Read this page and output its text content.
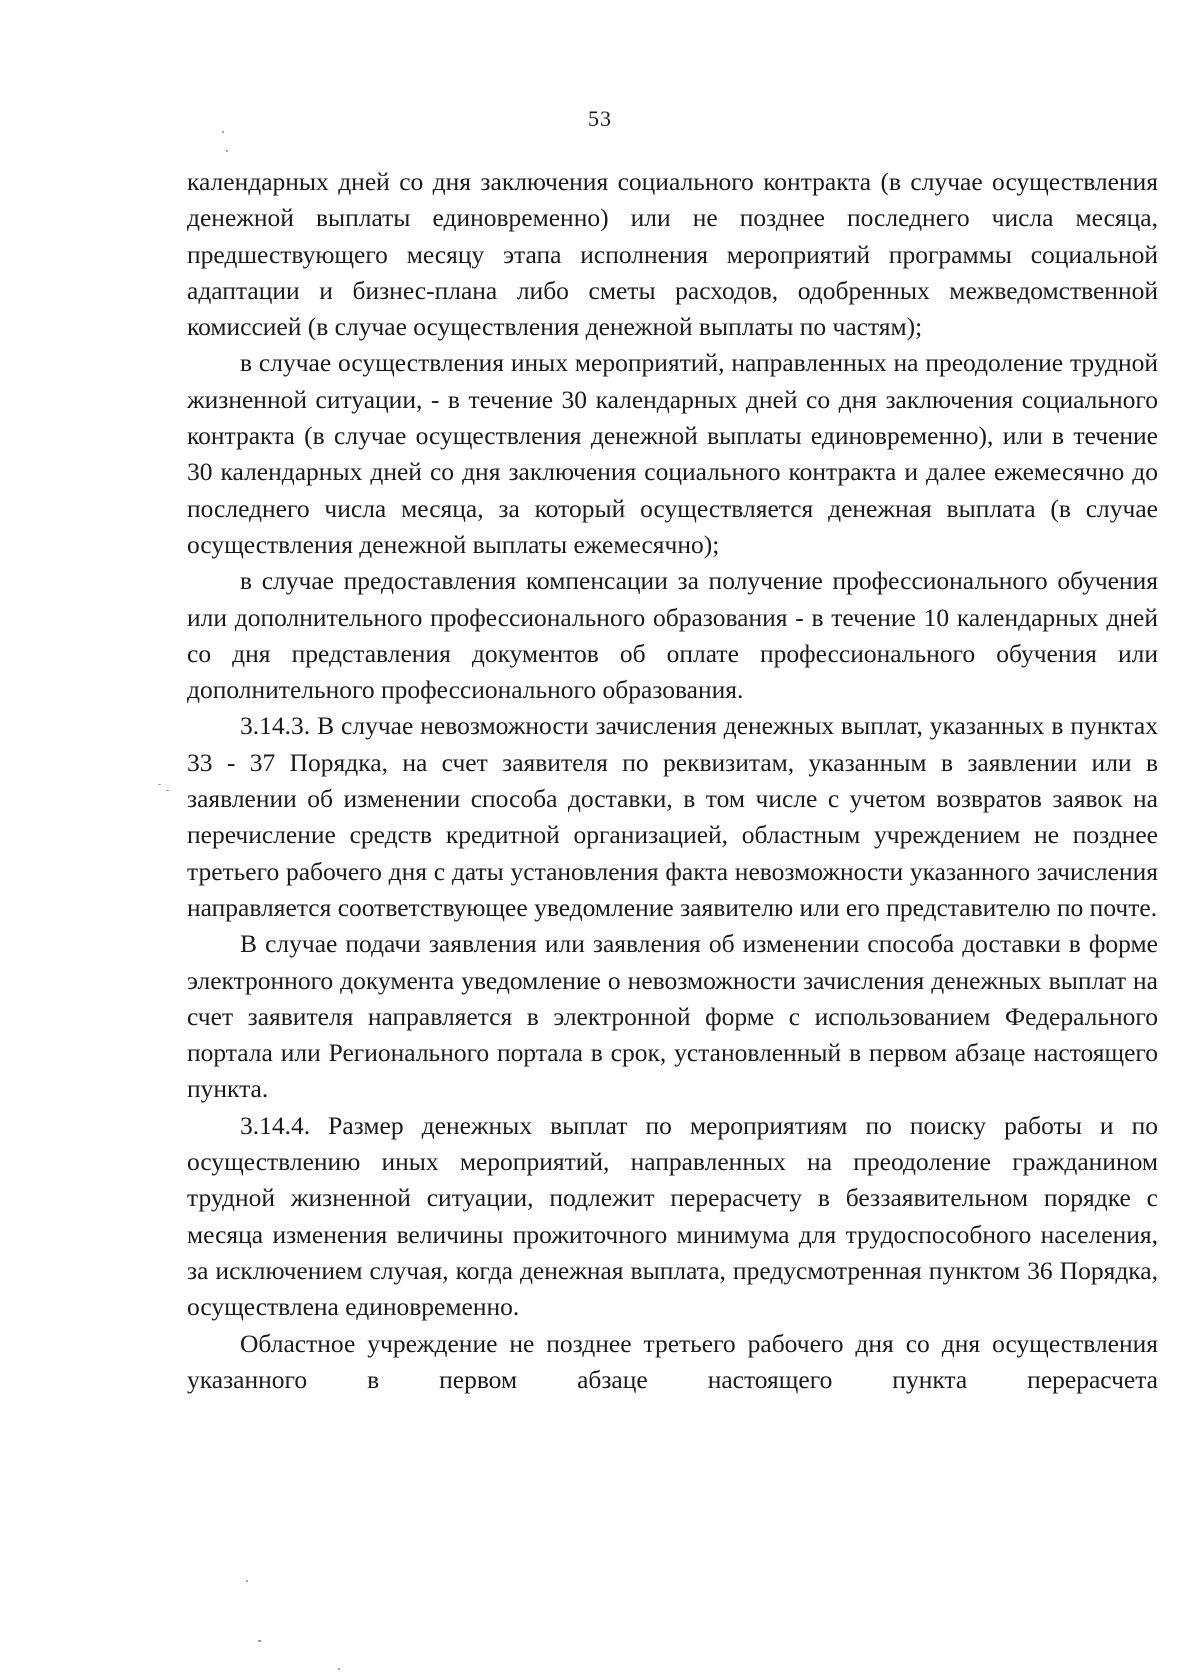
53

календарных дней со дня заключения социального контракта (в случае осуществления денежной выплаты единовременно) или не позднее последнего числа месяца, предшествующего месяцу этапа исполнения мероприятий программы социальной адаптации и бизнес-плана либо сметы расходов, одобренных межведомственной комиссией (в случае осуществления денежной выплаты по частям);

в случае осуществления иных мероприятий, направленных на преодоление трудной жизненной ситуации, - в течение 30 календарных дней со дня заключения социального контракта (в случае осуществления денежной выплаты единовременно), или в течение 30 календарных дней со дня заключения социального контракта и далее ежемесячно до последнего числа месяца, за который осуществляется денежная выплата (в случае осуществления денежной выплаты ежемесячно);

в случае предоставления компенсации за получение профессионального обучения или дополнительного профессионального образования - в течение 10 календарных дней со дня представления документов об оплате профессионального обучения или дополнительного профессионального образования.

3.14.3. В случае невозможности зачисления денежных выплат, указанных в пунктах 33 - 37 Порядка, на счет заявителя по реквизитам, указанным в заявлении или в заявлении об изменении способа доставки, в том числе с учетом возвратов заявок на перечисление средств кредитной организацией, областным учреждением не позднее третьего рабочего дня с даты установления факта невозможности указанного зачисления направляется соответствующее уведомление заявителю или его представителю по почте.

В случае подачи заявления или заявления об изменении способа доставки в форме электронного документа уведомление о невозможности зачисления денежных выплат на счет заявителя направляется в электронной форме с использованием Федерального портала или Регионального портала в срок, установленный в первом абзаце настоящего пункта.

3.14.4. Размер денежных выплат по мероприятиям по поиску работы и по осуществлению иных мероприятий, направленных на преодоление гражданином трудной жизненной ситуации, подлежит перерасчету в беззаявительном порядке с месяца изменения величины прожиточного минимума для трудоспособного населения, за исключением случая, когда денежная выплата, предусмотренная пунктом 36 Порядка, осуществлена единовременно.

Областное учреждение не позднее третьего рабочего дня со дня осуществления указанного в первом абзаце настоящего пункта перерасчета
